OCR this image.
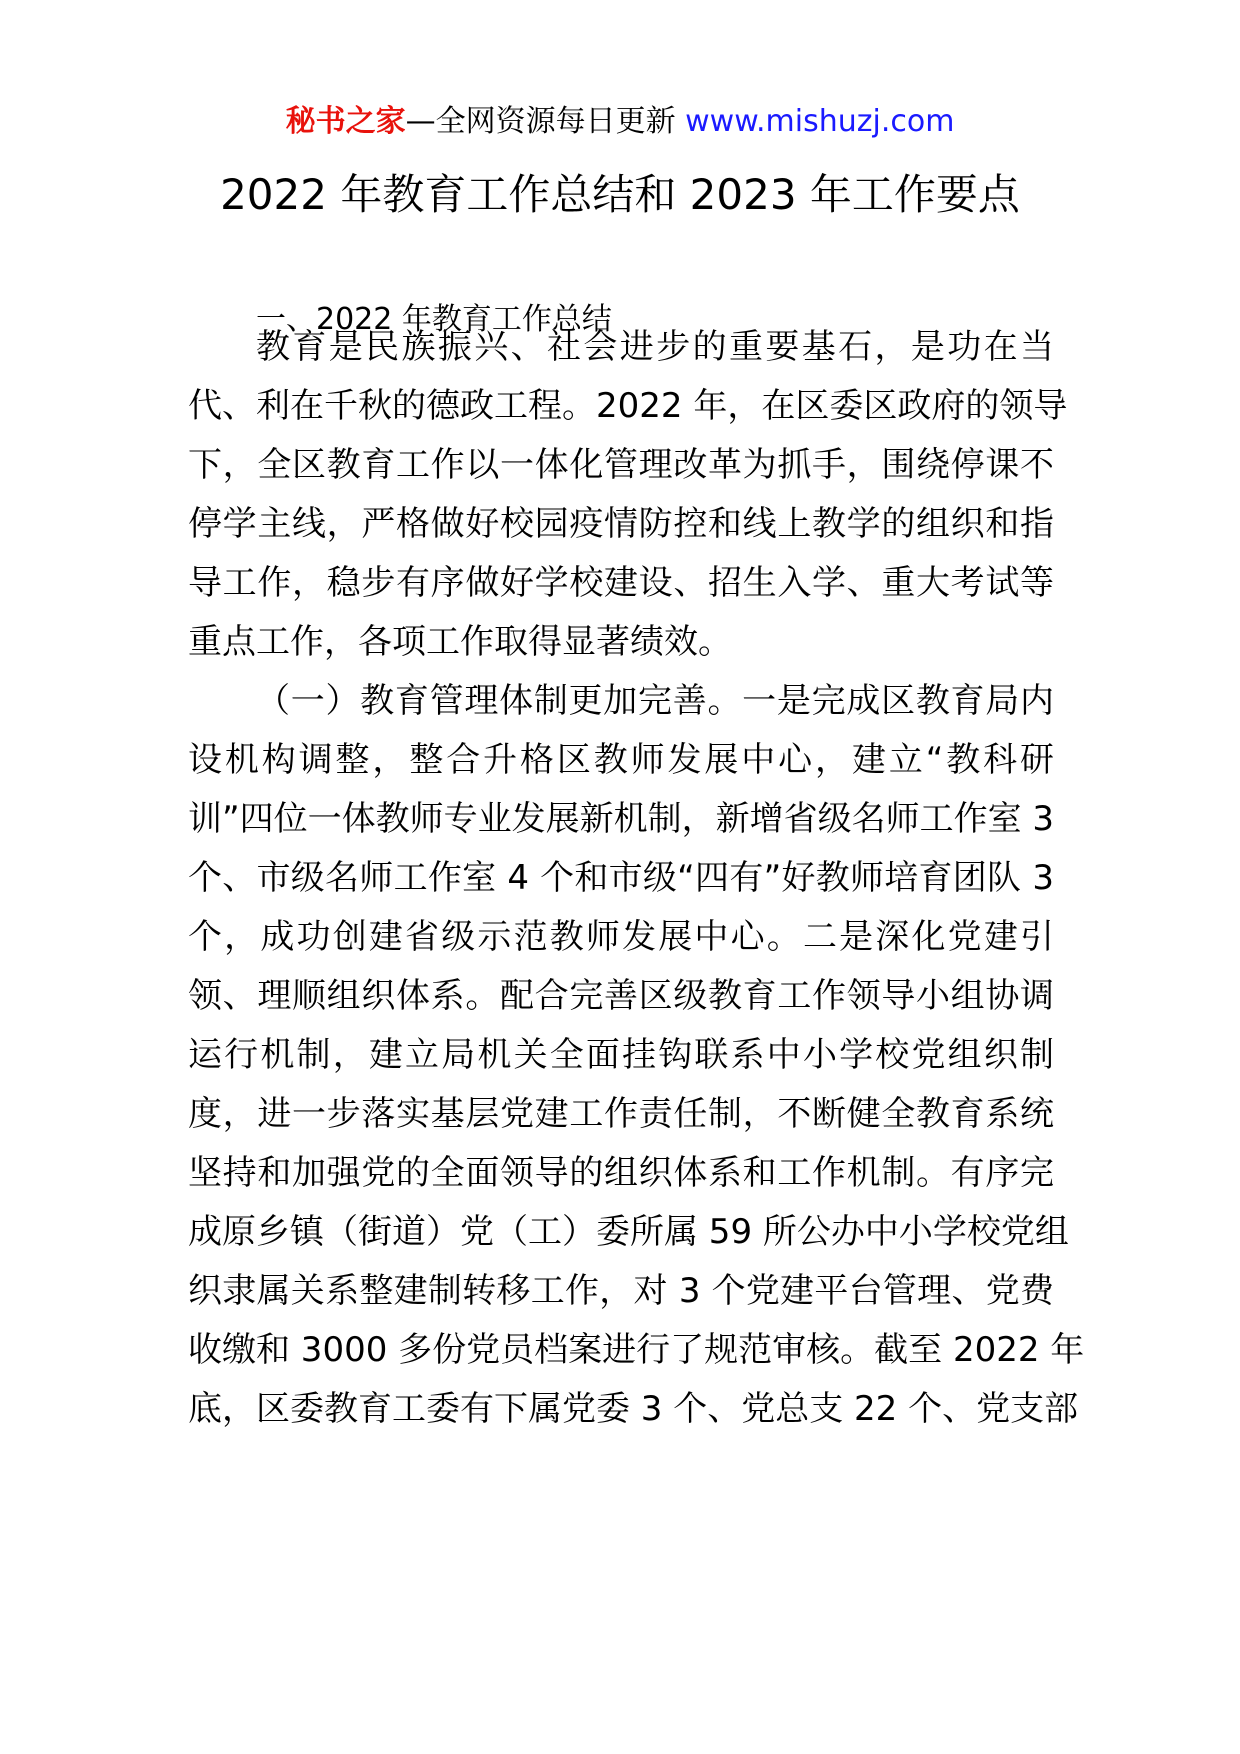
秘书之家—全网资源每日更新 www.mishuzj.com
2022 年教育工作总结和 2023 年工作要点
一、2022 年教育工作总结
教育是民族振兴、社会进步的重要基石，是功在当
代、利在千秋的德政工程。2022 年，在区委区政府的领导
下，全区教育工作以一体化管理改革为抓手，围绕停课不
停学主线，严格做好校园疫情防控和线上教学的组织和指
导工作，稳步有序做好学校建设、招生入学、重大考试等
重点工作，各项工作取得显著绩效。
（一）教育管理体制更加完善。一是完成区教育局内
设机构调整，整合升格区教师发展中心，建立“教科研
训”四位一体教师专业发展新机制，新增省级名师工作室 3
个、市级名师工作室 4 个和市级“四有”好教师培育团队 3
个，成功创建省级示范教师发展中心。二是深化党建引
领、理顺组织体系。配合完善区级教育工作领导小组协调
运行机制，建立局机关全面挂钩联系中小学校党组织制
度，进一步落实基层党建工作责任制，不断健全教育系统
坚持和加强党的全面领导的组织体系和工作机制。有序完
成原乡镇（街道）党（工）委所属 59 所公办中小学校党组
织隶属关系整建制转移工作，对 3 个党建平台管理、党费
收缴和 3000 多份党员档案进行了规范审核。截至 2022 年
底，区委教育工委有下属党委 3 个、党总支 22 个、党支部
